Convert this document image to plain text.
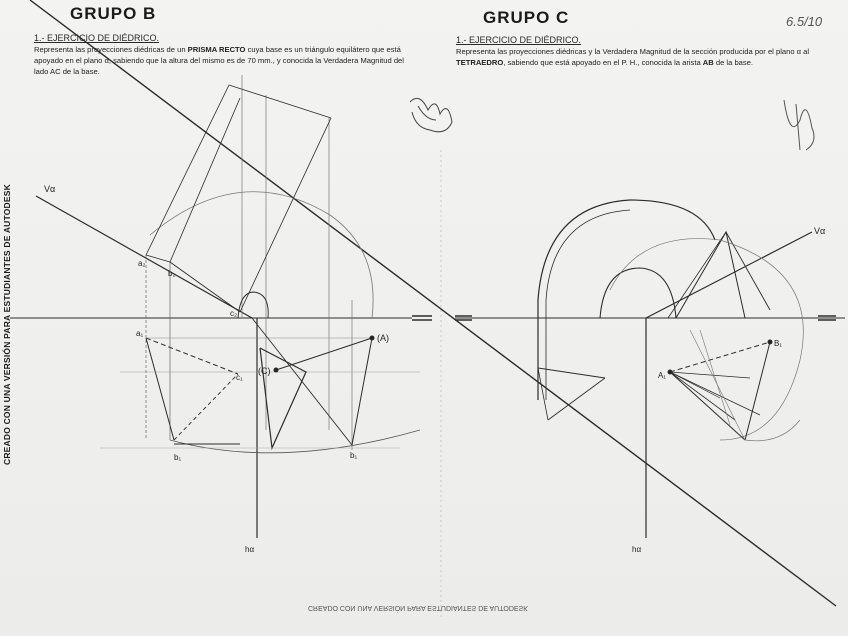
Vα
hα
a₂
b₂
c₂
a₁
c₁
b₁	b₁
(A)
(C)
Vα
hα
A₁
B₁
GRUPO B
1.- EJERCICIO DE DIÉDRICO.
Representa las proyecciones diédricas de un PRISMA RECTO cuya base es un triángulo equilátero que está apoyado en el plano α, sabiendo que la altura del mismo es de 70 mm., y conocida la Verdadera Magnitud del lado AC de la base.
GRUPO C
1.- EJERCICIO DE DIÉDRICO.
Representa las proyecciones diédricas y la Verdadera Magnitud de la sección producida por el plano α al TETRAEDRO, sabiendo que está apoyado en el P. H., conocida la arista AB de la base.
6.5/10
CREADO CON UNA VERSIÓN PARA ESTUDIANTES DE AUTODESK
CREADO CON UNA VERSIÓN PARA ESTUDIANTES DE AUTODESK
